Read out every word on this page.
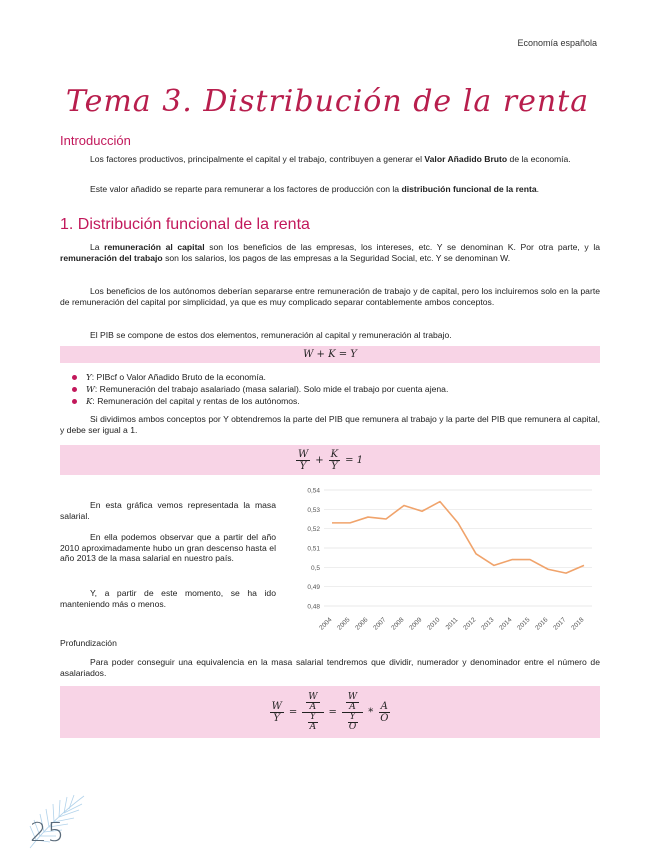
Economía española
Tema 3. Distribución de la renta
Introducción
Los factores productivos, principalmente el capital y el trabajo, contribuyen a generar el Valor Añadido Bruto de la economía.
Este valor añadido se reparte para remunerar a los factores de producción con la distribución funcional de la renta.
1. Distribución funcional de la renta
La remuneración al capital son los beneficios de las empresas, los intereses, etc. Y se denominan K. Por otra parte, y la remuneración del trabajo son los salarios, los pagos de las empresas a la Seguridad Social, etc. Y se denominan W.
Los beneficios de los autónomos deberían separarse entre remuneración de trabajo y de capital, pero los incluiremos solo en la parte de remuneración del capital por simplicidad, ya que es muy complicado separar contablemente ambos conceptos.
El PIB se compone de estos dos elementos, remuneración al capital y remuneración al trabajo.
W + K = Y
Y: PIBcf o Valor Añadido Bruto de la economía.
W: Remuneración del trabajo asalariado (masa salarial). Solo mide el trabajo por cuenta ajena.
K: Remuneración del capital y rentas de los autónomos.
Si dividimos ambos conceptos por Y obtendremos la parte del PIB que remunera al trabajo y la parte del PIB que remunera al capital, y debe ser igual a 1.
$\frac{W}{Y} + \frac{K}{Y} = 1$
En esta gráfica vemos representada la masa salarial.
En ella podemos observar que a partir del año 2010 aproximadamente hubo un gran descenso hasta el año 2013 de la masa salarial en nuestro país.
Y, a partir de este momento, se ha ido manteniendo más o menos.	0,48
0,49
0,5
0,51
0,52
0,53
0,54
2004 2005 2006 2007 2008 2009 2010 2011 2012 2013 2014 2015 2016 2017 2018
Profundización
Para poder conseguir una equivalencia en la masa salarial tendremos que dividir, numerador y denominador entre el número de asalariados.
$\frac{W}{Y} = \frac{\frac{W}{A}}{\frac{Y}{A}} = \frac{\frac{W}{A}}{\frac{Y}{O}} * \frac{A}{O}$
25
